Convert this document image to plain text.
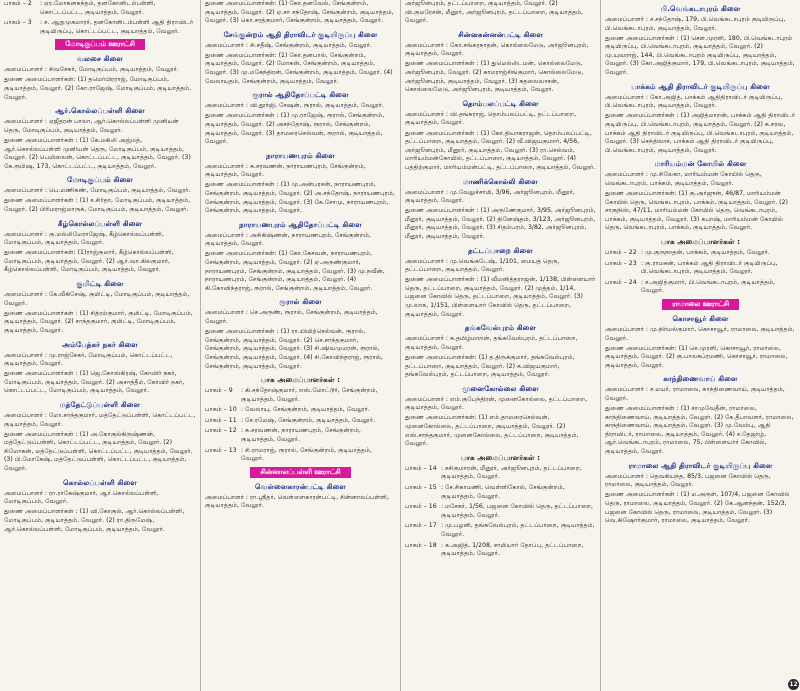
பாகம் – 2	: ஏர.மோகனசுந்தம், தனகோனிடம்பள்ளி, கொட்டப்பட்ட, குடியாத்தம், வேலூர்.
பாகம் – 3	: ச. ஆறுமுகமாரர், தனகோனிடம்பள்ளி ஆதி திராவிடர் குடியிருப்பு, கொட்டப்பட்ட, குடியாத்தம், வேலூர்.
மோடிகுப்பம் ஊராட்சி
வலசை கிளை

அமைப்பாளர் : சிவசேகர், மோடிகுப்பம், குடியாத்தம், வேலூர்.

துணை அமைப்பாளர்கள்: (1) தமெர்பிரராஜ், மோடிகுப்பம், குடியாத்தம், வேலூர். (2) கோ.ராஜேஷ், மோடிகுப்பம், குடியாத்தம், வேலூர்.

ஆர்.கொல்லப்பள்ளி கிளை

அமைப்பாளர் : ஏஜீதரன் பாலா, ஆர்.கொல்லப்பள்ளி முனியன் தெரு, மோடிகுப்பம், குடியாத்தம், வேலூர்.

துணை அமைப்பாளர்கள் : (1) கே.மகிலி அஜ்மத், ஆர்.கொல்லப்பள்ளி முனியன் தெரு, மோடிகுப்பம், குடியாத்தம், வேலூர். (2) பெமிலைன், கொட்டப்பட்ட, குடியாத்தம், வேலூர். (3) கே.ரூபிஷ, 173, கொட்டப்பட்ட, குடியாத்தம், வேலூர்.

மோடிகுப்பம் கிளை

அமைப்பாளர் : பெ.மணிகண், மோடிகுப்பம், குடியாத்தம், வேலூர்.

துணை அமைப்பாளர்கள் : (1) ச.சிர்தா, மோடிகுப்பம், குடியாத்தம், வேலூர். (2) பிரிமராஜ்மாருக், மோடிகுப்பம், குடியாத்தம், வேலூர்.

கீழ்கொல்லப்பள்ளி கிளை

அமைப்பாளர் : கு.மல்லிமேராஜேஷ், கீழ்கொல்லப்பள்ளி, மோடிகுப்பம், குடியாத்தம், வேலூர்.

துணை அமைப்பாளர்கள்: (1)ராஜ்குமார், கீழ்கொல்லப்பள்ளி, மோடிகுப்பம், குடியாத்தம், வேலூர். (2) ஆர்.வா.கிலகுமார், கீழ்கொல்லப்பள்ளி, மோடிகுப்பம், குடியாத்தம், வேலூர்.

குமிட்டி கிளை

அமைப்பாளர் : கே.வீகிசேஷ், குமிட்டி, மோடிகுப்பம், குடியாத்தம், வேலூர்.

துணை அமைப்பாளர்கள் : (1) சித்ரம்குமார், குமிட்டி, மோடிகுப்பம், குடியாத்தம், வேலூர். (2) சாந்தகுமார், குமிட்டி, மோடிகுப்பம், குடியாத்தம், வேலூர்.

அம்பேத்கர் நகர் கிளை

அமைப்பாளர் : மு.ராஜ்சேகர், மோடிகுப்பம், கொட்டப்பட்ட, குடியாத்தம், வேலூர்.

துணை அமைப்பாளர்கள் : (1) ஜெ.கோஸ்கிரஷ், கோவிர் நகர், மோடிகுப்பம், குடியாத்தம், வேலூர். (2) அசாத்தீம், கோவிர் நகர், கொட்டப்பட்ட, மோடிகுப்பம், குடியாத்தம், வேலூர்.

மத்தேட்டுப்பள்ளி கிளை

அமைப்பாளர் : மோ.சாந்தகுமார், மத்தேட்டுப்பள்ளி, கொட்டப்பட்ட, குடியாத்தம், வேலூர்.

துணை அமைப்பாளர்கள் : (1) அ.கோகுல்கிருஷ்ணன், மத்தேட்டுப்பள்ளி, கொட்டப்பட்ட, குடியாத்தம், வேலூர். (2) சிமோகன், மத்தேட்டுப்பள்ளி, கொட்டப்பட்ட, குடியாத்தம், வேலூர். (3) பி.மோகேஷ், மத்தேட்டுப்பள்ளி, கொட்டப்பட்ட, குடியாத்தம், வேலூர்.

கொல்லப்பள்ளி கிளை

அமைப்பாளர் : ரா.ராகேஷ்குமார், ஆர்.கொல்லப்பள்ளி, மோடிகுப்பம், வேலூர்.

துணை அமைப்பாளர்கள் : (1) வி.கோகுல், ஆர்.கொல்லப்பள்ளி, மோடிகுப்பம், குடியாத்தம், வேலூர். (2) ரா.திருமேஷ், ஆர்.கொல்லப்பள்ளி, மோடிகுப்பம், குடியாத்தம், வேலூர்.

துணை அமைப்பாளர்கள்: (1) கோ.தனவேல், சேங்குன்றம், குடியாத்தம், வேலூர். (2) ஏ.சா சந்தோஷ், சேங்குன்றம், குடியாத்தம், வேலூர். (3) கொ.சரத்குமார், சேங்குன்றம், குடியாத்தம், வேலூர்.

சேங்குன்றம் ஆதி திராவிடர் குடியிருப்பு கிளை

அமைப்பாளர் : சி.சதீஷ், சேங்குன்றம், குடியாத்தம், வேலூர்.

துணை அமைப்பாளர்கள்: (1) கோ.தனபால், சேங்குன்றம், குடியாத்தம், வேலூர். (2) மோகன், சேங்குன்றம், குடியாத்தம், வேலூர். (3) மு.மகேந்திரன், சேங்குன்றம், குடியாத்தம், வேலூர். (4) வேலாயுதம், சேங்குன்றம், குடியாத்தம், வேலூர்.

ரூரால் ஆதிதோப்பட்டி கிளை

அமைப்பாளர் : வி.தூர்ஜி, சேஷன், ரூரால், குடியாத்தம், வேலூர்.

துணை அமைப்பாளர்கள் : (1) மு.ராஜேஷ், ரூரால், சேங்குன்றம், குடியாத்தம், வேலூர். (2) அசந்தோஷ், ரூரால், சேங்குன்றம், குடியாத்தம், வேலூர். (3) தாமரைசெல்வன், ரூரால், குடியாத்தம், வேலூர்.

நாராயணபுரம் கிளை

அமைப்பாளர் : சு.சரவணன், நாராயணபுரம், சேங்குன்றம், குடியாத்தம், வேலூர்.

துணை அமைப்பாளர்கள் : (1) மு.அன்பரசன், நாராயணபுரம், சேங்குன்றம், குடியாத்தம், வேலூர். (2) அ.சந்தோஷ், நாராயணபுரம், சேங்குன்றம், குடியாத்தம், வேலூர். (3) கே.சோமு, நாராயணபுரம், சேங்குன்றம், குடியாத்தம், வேலூர்.

நாராயணபுரம் ஆதிதோப்பட்டி கிளை

அமைப்பாளர் : அசிகிஷ்ணன், நாராயணபுரம், சேங்குன்றம், குடியாத்தம், வேலூர்.

துணை அமைப்பாளர்கள்: (1) கோ.கேசவன், நாராயணபுரம், சேங்குன்றம், குடியாத்தம், வேலூர். (2) ஏ.அருண்குமார், நாராயணபுரம், சேங்குன்றம், குடியாத்தம், வேலூர். (3) மு.நவீன், நாராயணபுரம், சேங்குன்றம், குடியாத்தம், வேலூர். (4) கி.கோவிந்தராஜ், ரூரால், சேங்குன்றம், குடியாத்தம், வேலூர்.

ரூரால் கிளை

அமைப்பாளர் : செ.அருண், ரூரால், சேங்குன்றம், குடியாத்தம், வேலூர்.

துணை அமைப்பாளர்கள் : (1) ரா.யியிற்செல்வன், ரூரால், சேங்குன்றம், குடியாத்தம், வேலூர். (2) செ.சாந்தகுமார், சேங்குன்றம், குடியாத்தம், வேலூர். (3) சி.ஷிவமுமரன், ரூரால், சேங்குன்றம், குடியாத்தம், வேலூர். (4) சி.கோவிந்தராஜ், ரூரால், சேங்குன்றம், குடியாத்தம், வேலூர்.

பாக அமைப்பாளர்கள் :
பாகம் – 9	: கி.சந்தோஷ்குமார், எஸ்.மோட்டூர், சேங்குன்றம், குடியாத்தம், வேலூர்.
பாகம் – 10 : வேலாயு, சேங்குன்றம், குடியாத்தம், வேலூர்.
பாகம் – 11 : சே.ரமேஷ், சேங்குன்றம், குடியாத்தம், வேலூர்.
பாகம் – 12 : சு.சரவணன், நாராயணபுரம், சேங்குன்றம், குடியாத்தம், வேலூர்.
பாகம் – 13 : சி.ராமராஜ், ரூரால், சேங்குன்றம், குடியாத்தம், வேலூர்.
சின்னாலப்பள்ளி ஊராட்சி
வெள்ளைகாரன்பட்டி கிளை

அமைப்பாளர் : ரா.ஸ்ரீதர், வெள்ளைகாரன்பட்டி, சின்னாலப்பள்ளி, குடியாத்தம், வேலூர்.

அர்ஜூனபுரம், தட்டப்பாறை, குடியாத்தம், வேலூர். (2) வி.குமரேசன், மீனூர், அர்ஜூனபுரம், தட்டப்பாறை, குடியாத்தம், வேலூர்.

சின்னகன்னன்பட்டி கிளை

அமைப்பாளர் : கோ.சங்கரநாதன், கொல்லைமேடு, அர்ஜூனபுரம், குடியாத்தம், வேலூர்.

துணை அமைப்பாளர்கள் : (1) துமெல்லிடமன், கொல்லைமேடு, அர்ஜூனபுரம், வேலூர். (2) காமராஜ்சிங்குமார், கொல்லைமேடு, அர்ஜூனபுரம், குடியாத்தம், வேலூர். (3) சுதலைவாசன், கொல்லைமேடு, அர்ஜூனபுரம், குடியாத்தம், வேலூர்.

தொம்பலப்பட்டி கிளை

அமைப்பாளர் : வி.தங்கராஜ், தொம்பலப்பட்டி, தட்டப்பாறை, குடியாத்தம், வேலூர்.

துணை அமைப்பாளர்கள் : (1) கோ.தியாகராஜன், தொம்பலப்பட்டி, தட்டப்பாறை, குடியாத்தம், வேலூர். (2) வீ.விஜயகுமார், 4/56, அர்ஜூனபுரம், மீனூர், குடியாத்தம், வேலூர். (3) ரா.செல்வம், மாரியம்மன்கோயில், தட்டப்பாறை, குடியாத்தம், வேலூர். (4) பத்திற்குமார், மாரியம்மன்பட்டி, தட்டப்பாறை, குடியாத்தம், வேலூர்.

மாணிக்கொல்லி கிளை

அமைப்பாளர் : மு.வேலுச்சாமி, 3/96, அர்ஜூனபுரம், மீனூர், குடியாத்தம், வேலூர்.

துணை அமைப்பாளர்கள் : (1) அருணேகுமார், 3/95, அர்ஜூனபுரம், மீனூர், குடியாத்தம், வேலூர். (2) தினேஷ்தம், 3/123, அர்ஜூனபுரம், மீனூர், குடியாத்தம், வேலூர். (3) சிதம்பரம், 3/82, அர்ஜூனபுரம், மீனூர், குடியாத்தம், வேலூர்.

தட்டப்பாறை கிளை

அமைப்பாளர் : மு.வெங்கடேஷ், 1/101, மையத் தெரு, தட்டப்பாறை, குடியாத்தம், வேலூர்.

துணை அமைப்பாளர்கள் : (1) வீமனித்தராஜன், 1/138, பிள்ளையார் தெரு, தட்டப்பாறை, குடியாத்தம், வேலூர். (2) முத்தம், 1/14, பஜனை கோவில் தெரு, தட்டப்பாறை, குடியாத்தம், வேலூர். (3) மு.லாசு, 1/151, பிள்ளையார் கோவில் தெரு, தட்டப்பாறை, குடியாத்தம், வேலூர்.

தங்கவேல்புரம் கிளை

அமைப்பாளர் : சு.தமிழ்மாறன், தங்கவேல்புரம், தட்டப்பாறை, குடியாத்தம், வேலூர்.

துணை அமைப்பாளர்கள்: (1) த.திருக்குமார், தங்கவேல்புரம், தட்டப்பாறை, குடியாத்தம், வேலூர். (2) சு.விஜயகுமார், தங்கவேல்புரம், தட்டப்பாறை, குடியாத்தம், வேலூர்.

முனைகோல்லை கிளை

அமைப்பாளர் : எம்.குபேந்திரன், முனைகோல்லை, தட்டப்பாறை, குடியாத்தம், வேலூர்.

துணை அமைப்பாளர்கள்: (1) எம்.தாமரைசெல்வன், முனைகோல்லை, தட்டப்பாறை, குடியாத்தம், வேலூர். (2) எஸ்.சாந்தகுமார், முனைகோல்லை, தட்டப்பாறை, குடியாத்தம், வேலூர்.

பாக அமைப்பாளர்கள் :
பாகம் – 14 : சசிகுமாரன், மீனூர், அர்ஜூனபுரம், தட்டப்பாறை, குடியாத்தம், வேலூர்.
பாகம் – 15 : சே.சிகாமணி, வெள்ளிகோல், சேங்குன்றம், குடியாத்தம், வேலூர்.
பாகம் – 16 : மசேகர், 1/56, பஜனை கோவில் தெரு, தட்டப்பாறை, குடியாத்தம், வேலூர்.
பாகம் – 17 : மு.பழனி, தங்கவேல்புரம், தட்டப்பாறை, குடியாத்தம், வேலூர்.
பாகம் – 18 : க.அஜித், 1/208, சாமியார் தோப்பு, தட்டப்பாறை, குடியாத்தம், வேலூர்.
பி.வெங்கடாபுரம் கிளை

அமைப்பாளர் : ச.சந்தோஷ், 179, பி.வெங்கடாபுரம் குடியிருப்பு, பி.வெங்கடாபுரம், குடியாத்தம், வேலூர்.

துணை அமைப்பாளர்கள் : (1) சௌ.முரளி, 180, பி.வெங்கடாபுரம் குடியிருப்பு, பி.வெங்கடாபுரம், குடியாத்தம், வேலூர். (2) மு.யுவராஜ், 144, பி.வெங்கடாபுரம் குடியிருப்பு, குடியாத்தம், வேலூர். (3) கோ.அஜித்குமார், 179, பி.வெங்கடாபுரம், குடியாத்தம், வேலூர்.

பாக்கம் ஆதி திராவிடர் குடியிருப்பு கிளை

அமைப்பாளர் : கோ.அஜித், பாக்கம் ஆதிதிராவிடர் குடியிருப்பு, பி.வெங்கடாபுரம், குடியாத்தம், வேலூர்.

துணை அமைப்பாளர்கள் : (1) அஜித்மாறன், பாக்கம் ஆதி திராவிடர் குடியிருப்பு, பி.வெங்கடாபுரம், குடியாத்தம், வேலூர். (2) சு.சரவ, பாக்கம் ஆதி திராவிடர் குடியிருப்பு, பி.வெங்கடாபுரம், குடியாத்தம், வேலூர். (3) செந்திலாச், பாக்கம் ஆதி திராவிடர் குடியிருப்பு, பி.வெங்கடாபுரம், குடியாத்தம், வேலூர்.

மாரியம்மன் கோயில் கிளை

அமைப்பாளர் : மு.சிலேகா, மாரியம்மன் கோயில் தெரு, வெங்கடாபுரம், பாக்கம், குடியாத்தம், வேலூர்.

துணை அமைப்பாளர்கள்: (1) கு.அர்ஜுன், 46/87, மாரியம்மன் கோயில் தெரு, வெங்கடாபுரம், பாக்கம், குடியாத்தம், வேலூர். (2) சாகுநிஸ், 47/11, மாரியம்மன் கோயில் தெரு, வெங்கடாபுரம், பாக்கம், குடியாத்தம், வேலூர். (3) சுபாஷ், மாரியம்மன் கோயில் தெரு, வெங்கடாபுரம், பாக்கம், குடியாத்தம், வேலூர்.

பாக அமைப்பாளர்கள் :
பாகம் – 22 : மு.குருநாதன், பாக்கம், குடியாத்தம், வேலூர்.
பாகம் – 23 : கு.ராமகன், பாக்கம் ஆதி திராவிடர் குடியிருப்பு, பி.வெங்கடாபுரம், குடியாத்தம், வேலூர்.
பாகம் – 24 : ச.அஜித்குமார், பி.வெங்கடாபுரம், குடியாத்தம், வேலூர்.
ராமாலை ஊராட்சி
கொசாவூர் கிளை

அமைப்பாளர் : மு.நிர்மல்குமார், கொசாவூர், ராமாலை, குடியாத்தம், வேலூர்.

துணை அமைப்பாளர்கள்: (1) செ.முரளி, கொசாவூர், ராமாலை, குடியாத்தம், வேலூர். (2) கு.பாலசுப்ரமணி, கொசாவூர், ராமாலை, குடியாத்தம், வேலூர்.

காந்திணைவாய் கிளை

அமைப்பாளர் : ச.மயர், ராமாலை, காந்திணைவாய், குடியாத்தம், வேலூர்.

துணை அமைப்பாளர்கள் : (1) சாமுவேதீன், ராமாலை, காந்திணைவாய், குடியாத்தம், வேலூர். (2) கே.தீபாவளர், ராமாலை, காந்திணைவாய், குடியாத்தம், வேலூர். (3) மு.வேம்பு, ஆதி திராவிடர், ராமாலை, குடியாத்தம், வேலூர். (4) ச.தேஜாழ், ஆர்.வெங்கடாபுரம், ராமாலை, 75, பிள்ளையார் கோவில், குடியாத்தம், வேலூர்.

ராமாலை ஆதி திராவிடர் குடியிருப்பு கிளை

அமைப்பாளர் : தெவகியந்த, 85/3, பஜனை கோவில் தெரு, ராமாலை, குடியாத்தம், வேலூர்.

துணை அமைப்பாளர்கள் : (1) ம.அருள், 107/4, பஜனை கோவில் தெரு, ராமாலை, குடியாத்தம், வேலூர். (2) கே.ஆனந்தன், 152/3, பஜனை கோவில் தெரு, ராமாலை, குடியாத்தம், வேலூர். (3) வெ.கிஷோர்குமார், ராமாலை, குடியாத்தம், வேலூர்.

12
